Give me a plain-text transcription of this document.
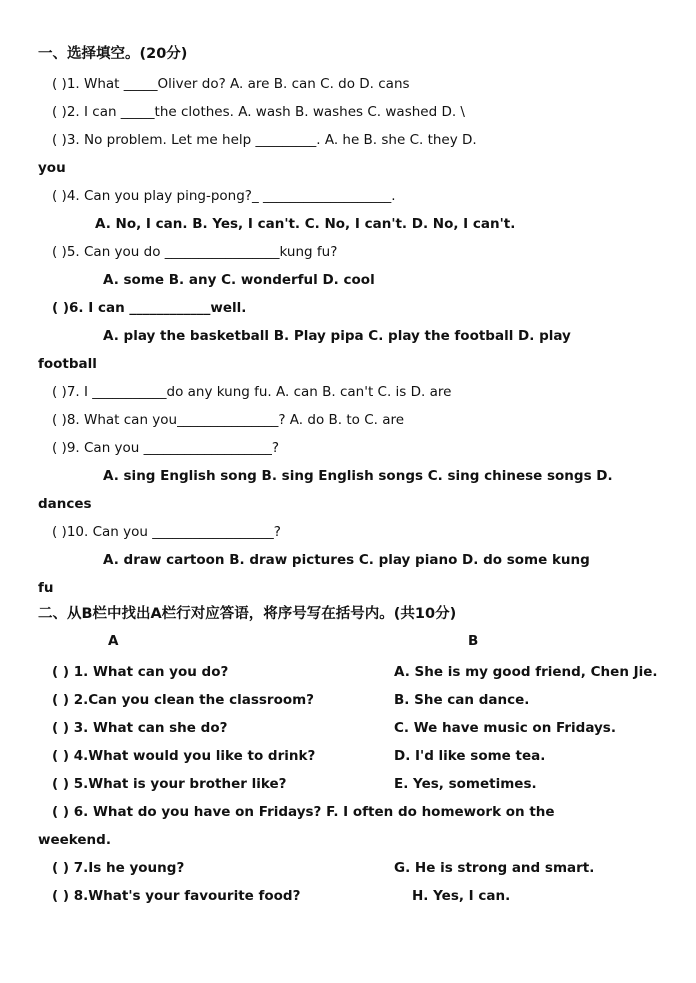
一、选择填空。(20分)
( )1. What _____Oliver do? A. are B. can C. do D. cans
( )2. I can _____the clothes. A. wash B. washes C. washed D. \
( )3. No problem. Let me help _________. A. he B. she C. they D.
you
( )4. Can you play ping-pong?_ ___________________.
A. No, I can. B. Yes, I can't. C. No, I can't. D. No, I can't.
( )5. Can you do _________________kung fu?
A. some B. any C. wonderful D. cool
( )6. I can ____________well.
A. play the basketball B. Play pipa C. play the football D. play
football
( )7. I ___________do any kung fu. A. can B. can't C. is D. are
( )8. What can you_______________? A. do B. to C. are
( )9. Can you ___________________?
A. sing English song B. sing English songs C. sing chinese songs D.
dances
( )10. Can you __________________?
A. draw cartoon B. draw pictures C. play piano D. do some kung
fu
二、从B栏中找出A栏行对应答语，将序号写在括号内。(共10分)
A	B
( ) 1. What can you do?	A. She is my good friend, Chen Jie.
( ) 2.Can you clean the classroom?	B. She can dance.
( ) 3. What can she do?	C. We have music on Fridays.
( ) 4.What would you like to drink?	D. I'd like some tea.
( ) 5.What is your brother like?	E. Yes, sometimes.
( ) 6. What do you have on Fridays? F. I often do homework on the
weekend.
( ) 7.Is he young?	G. He is strong and smart.
( ) 8.What's your favourite food?	H. Yes, I can.
